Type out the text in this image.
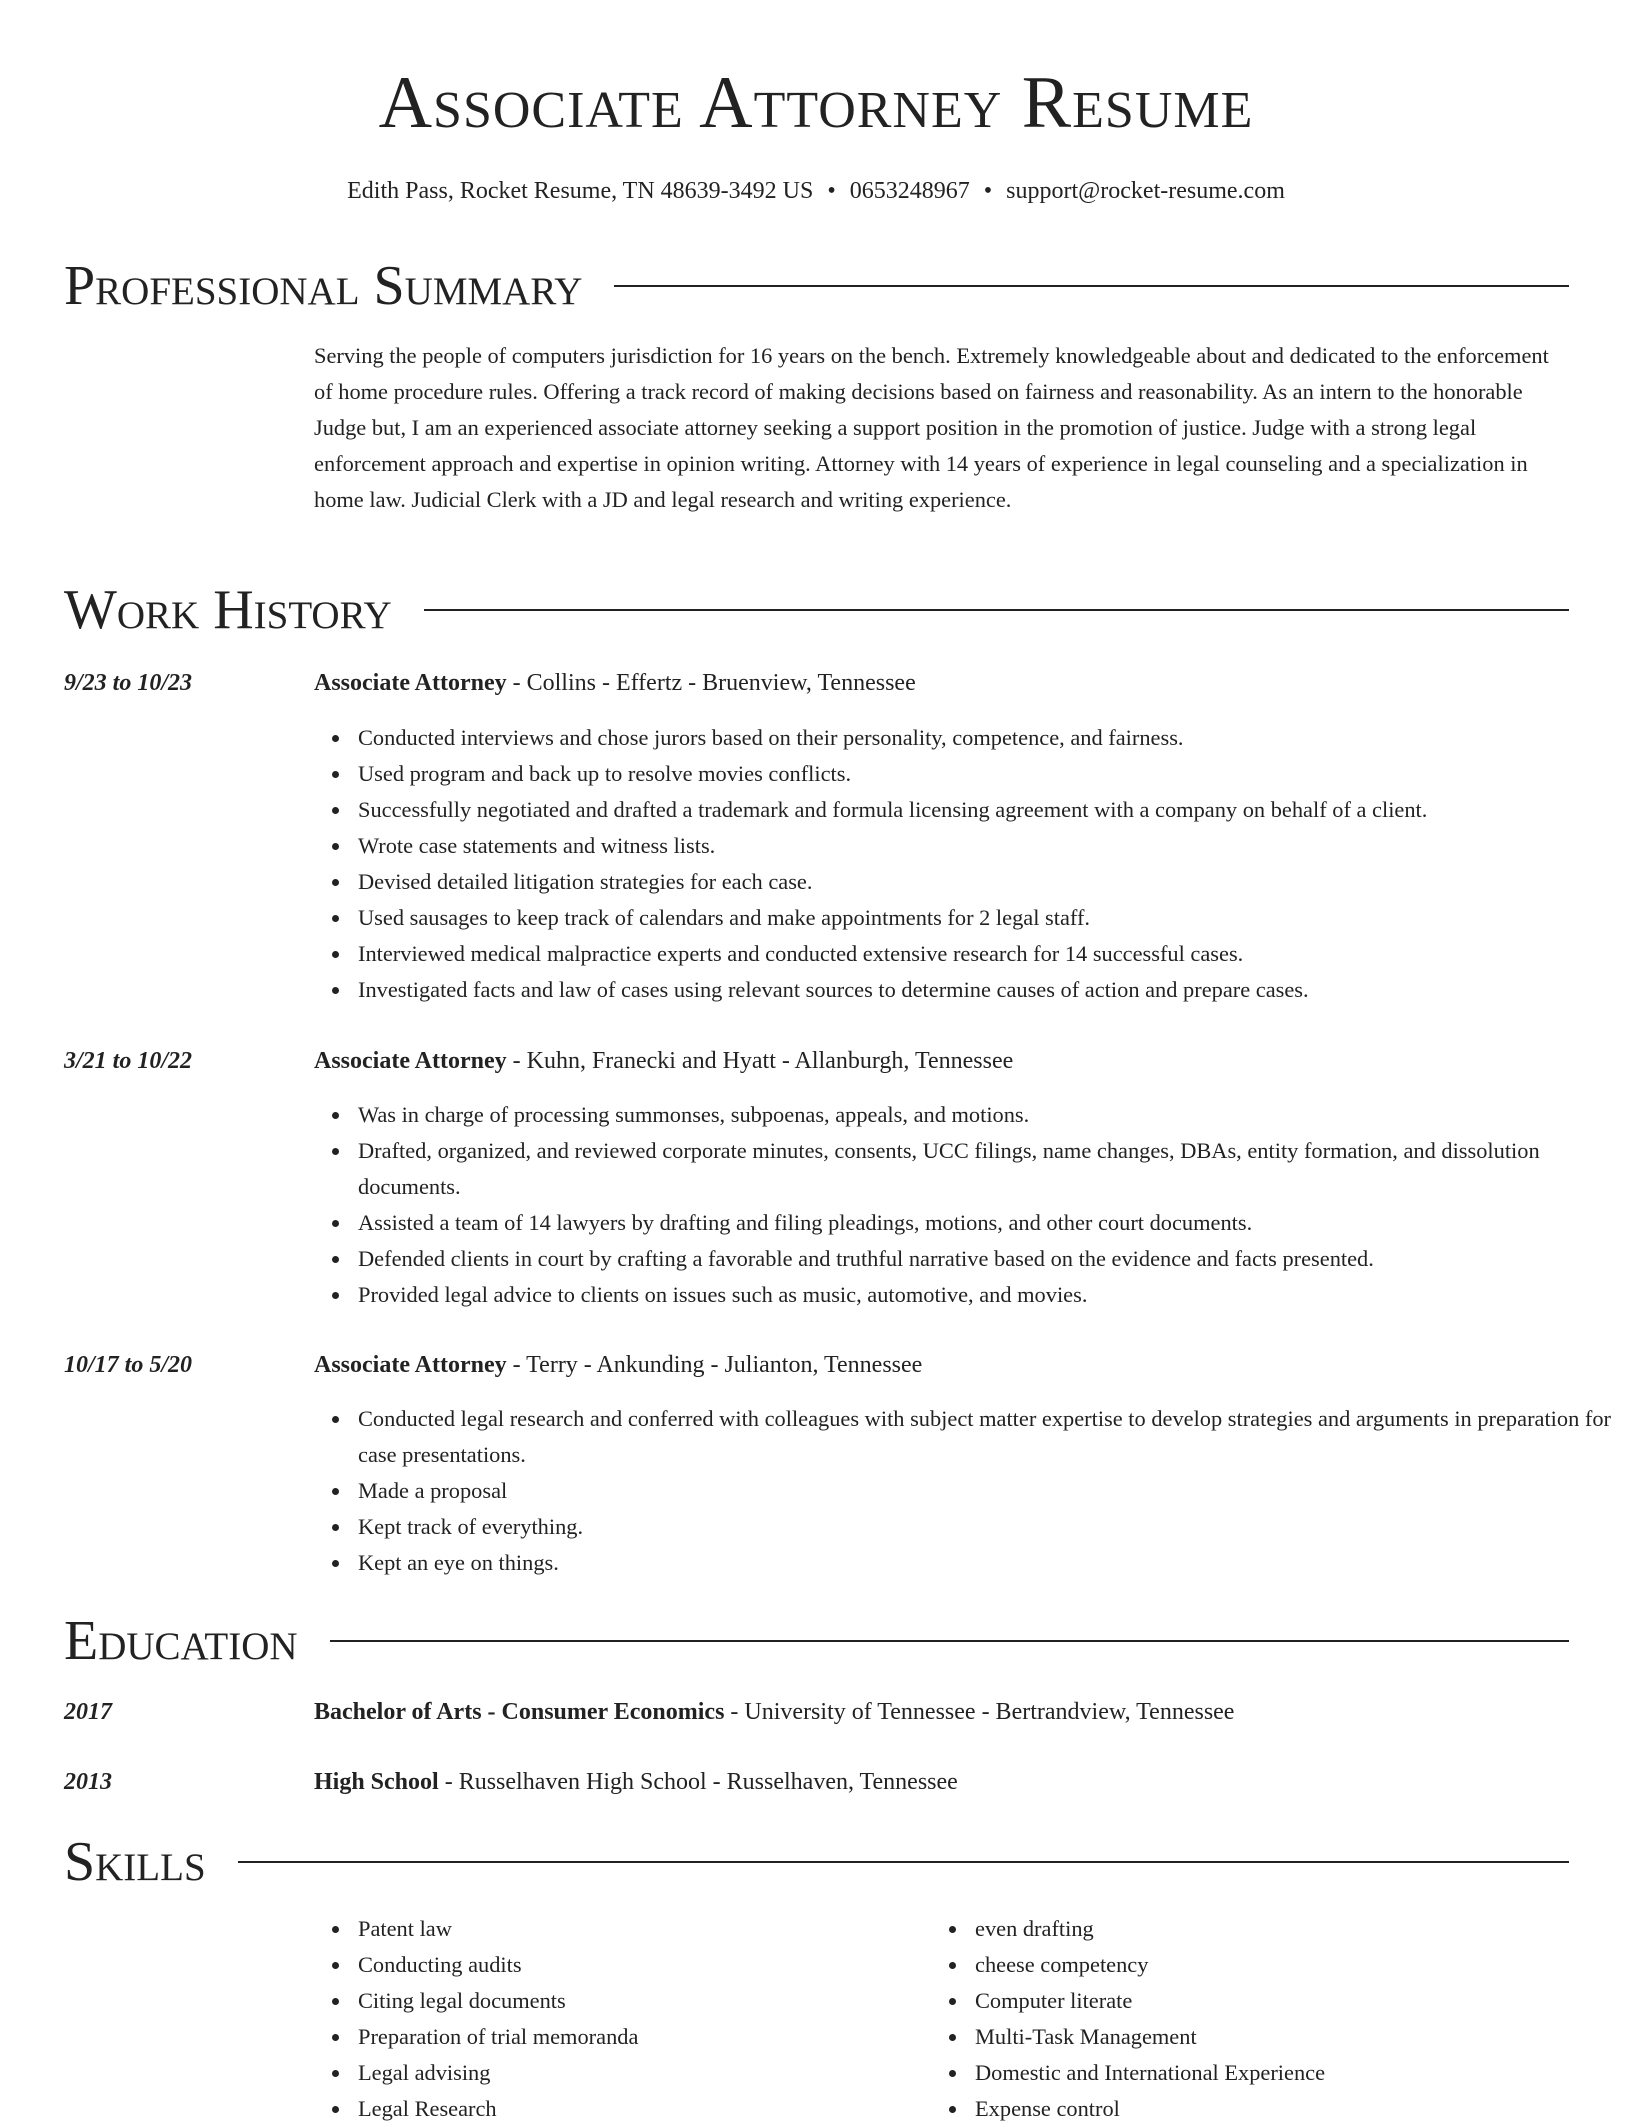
Associate Attorney Resume
Edith Pass, Rocket Resume, TN 48639-3492 US • 0653248967 • support@rocket-resume.com
Professional Summary

Serving the people of computers jurisdiction for 16 years on the bench. Extremely knowledgeable about and dedicated to the enforcement of home procedure rules. Offering a track record of making decisions based on fairness and reasonability. As an intern to the honorable Judge but, I am an experienced associate attorney seeking a support position in the promotion of justice. Judge with a strong legal enforcement approach and expertise in opinion writing. Attorney with 14 years of experience in legal counseling and a specialization in home law. Judicial Clerk with a JD and legal research and writing experience.

Work History
9/23 to 10/23	Associate Attorney - Collins - Effertz - Bruenview, Tennessee
Conducted interviews and chose jurors based on their personality, competence, and fairness.
Used program and back up to resolve movies conflicts.
Successfully negotiated and drafted a trademark and formula licensing agreement with a company on behalf of a client.
Wrote case statements and witness lists.
Devised detailed litigation strategies for each case.
Used sausages to keep track of calendars and make appointments for 2 legal staff.
Interviewed medical malpractice experts and conducted extensive research for 14 successful cases.
Investigated facts and law of cases using relevant sources to determine causes of action and prepare cases.
3/21 to 10/22	Associate Attorney - Kuhn, Franecki and Hyatt - Allanburgh, Tennessee
Was in charge of processing summonses, subpoenas, appeals, and motions.
Drafted, organized, and reviewed corporate minutes, consents, UCC filings, name changes, DBAs, entity formation, and dissolution documents.
Assisted a team of 14 lawyers by drafting and filing pleadings, motions, and other court documents.
Defended clients in court by crafting a favorable and truthful narrative based on the evidence and facts presented.
Provided legal advice to clients on issues such as music, automotive, and movies.
10/17 to 5/20	Associate Attorney - Terry - Ankunding - Julianton, Tennessee
Conducted legal research and conferred with colleagues with subject matter expertise to develop strategies and arguments in preparation for case presentations.
Made a proposal
Kept track of everything.
Kept an eye on things.
Education
2017	Bachelor of Arts - Consumer Economics - University of Tennessee - Bertrandview, Tennessee
2013	High School - Russelhaven High School - Russelhaven, Tennessee
Skills
Patent law
Conducting audits
Citing legal documents
Preparation of trial memoranda
Legal advising
Legal Research
even drafting
cheese competency
Computer literate
Multi-Task Management
Domestic and International Experience
Expense control
